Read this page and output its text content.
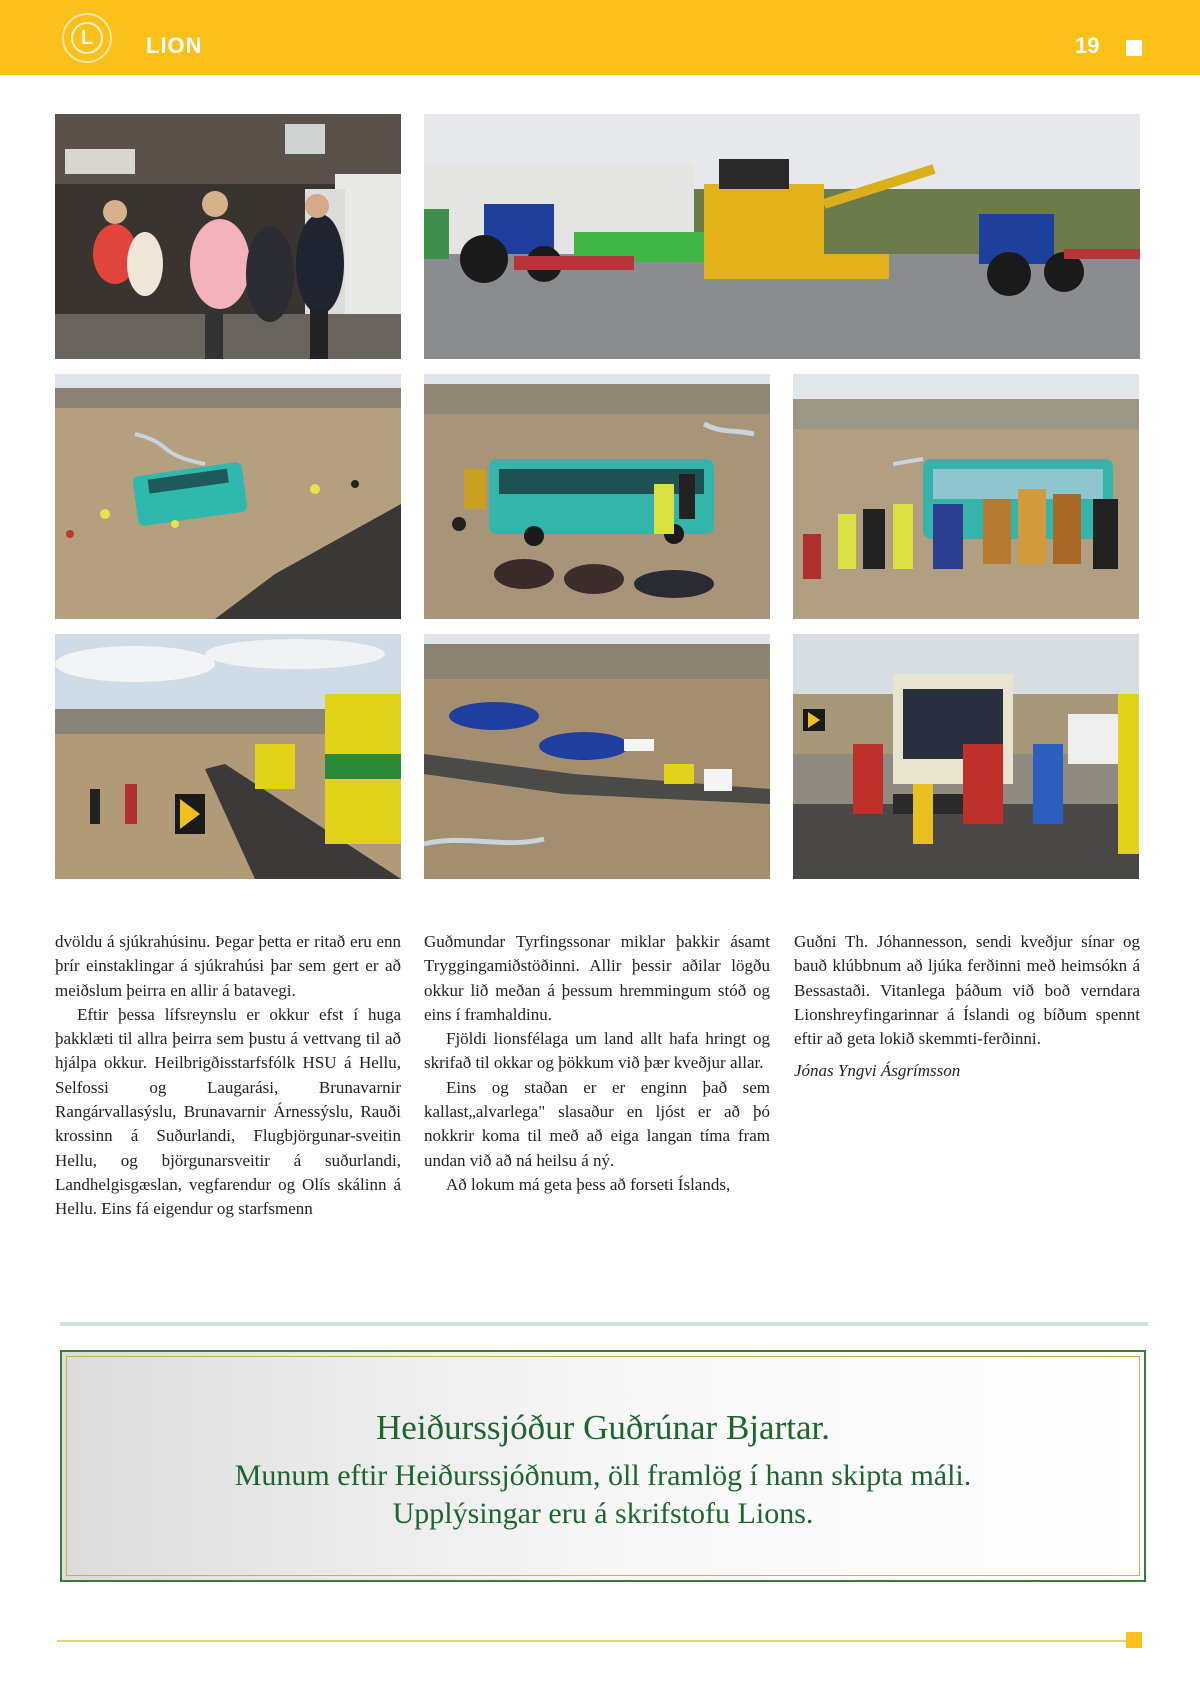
L	LION	19

dvöldu á sjúkrahúsinu. Þegar þetta er ritað eru enn þrír einstaklingar á sjúkrahúsi þar sem gert er að meiðslum þeirra en allir á batavegi.

Eftir þessa lífsreynslu er okkur efst í huga þakklæti til allra þeirra sem þustu á vettvang til að hjálpa okkur. Heilbrigðisstarfsfólk HSU á Hellu, Selfossi og Laugarási, Brunavarnir Rangárvallasýslu, Brunavarnir Árnessýslu, Rauði krossinn á Suðurlandi, Flugbjörgunar-sveitin Hellu, og björgunarsveitir á suðurlandi, Landhelgisgæslan, vegfarendur og Olís skálinn á Hellu. Eins fá eigendur og starfsmenn

Guðmundar Tyrfingssonar miklar þakkir ásamt Tryggingamiðstöðinni. Allir þessir aðilar lögðu okkur lið meðan á þessum hremmingum stóð og eins í framhaldinu.

Fjöldi lionsfélaga um land allt hafa hringt og skrifað til okkar og þökkum við þær kveðjur allar.

Eins og staðan er er enginn það sem kallast„alvarlega" slasaður en ljóst er að þó nokkrir koma til með að eiga langan tíma fram undan við að ná heilsu á ný.

Að lokum má geta þess að forseti Íslands,

Guðni Th. Jóhannesson, sendi kveðjur sínar og bauð klúbbnum að ljúka ferðinni með heimsókn á Bessastaði. Vitanlega þáðum við boð verndara Lionshreyfingarinnar á Íslandi og bíðum spennt eftir að geta lokið skemmti-ferðinni.

Jónas Yngvi Ásgrímsson

Heiðurssjóður Guðrúnar Bjartar.
Munum eftir Heiðurssjóðnum, öll framlög í hann skipta máli.
Upplýsingar eru á skrifstofu Lions.
